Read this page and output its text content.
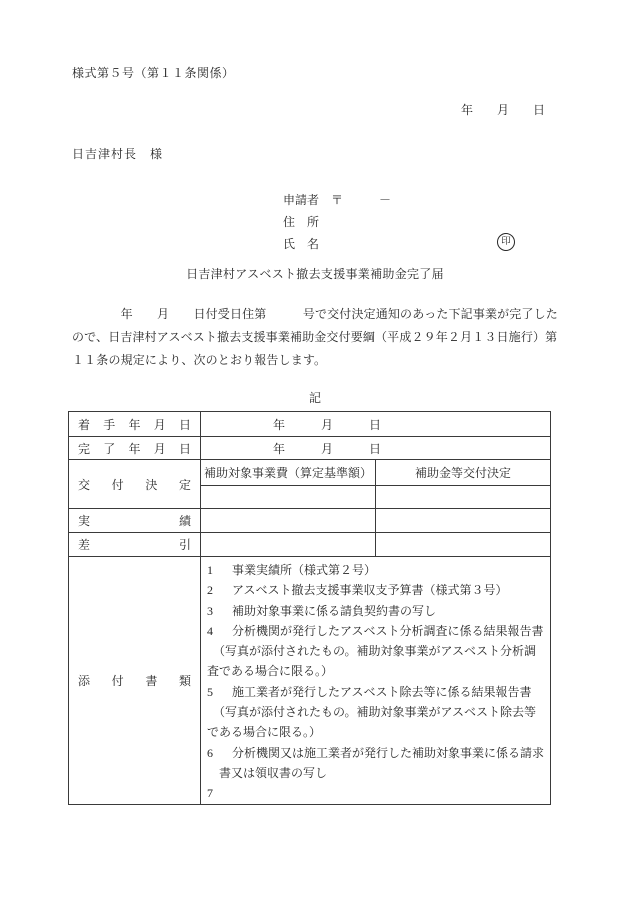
様式第５号（第１１条関係）
年　　月　　日
日吉津村長　様
申請者 〒　　　－
住　所
氏　名	印
日吉津村アスベスト撤去支援事業補助金完了届
　　　　年　　月　　日付受日住第　　　号で交付決定通知のあった下記事業が完了した
ので、日吉津村アスベスト撤去支援事業補助金交付要綱（平成２９年２月１３日施行）第
１１条の規定により、次のとおり報告します。
記
着 手 年 月 日	年　　　月　　　日	

完 了 年 月 日	年　　　月　　　日	

交 付 決 定	補助対象事業費（算定基準額）	補助金等交付決定

実 績		

差 引		

添 付 書 類

1	事業実績所（様式第２号）
2	アスベスト撤去支援事業収支予算書（様式第３号）
3	補助対象事業に係る請負契約書の写し
4	分析機関が発行したアスベスト分析調査に係る結果報告書
（写真が添付されたもの。補助対象事業がアスベスト分析調
査である場合に限る。）
5	施工業者が発行したアスベスト除去等に係る結果報告書
（写真が添付されたもの。補助対象事業がアスベスト除去等
である場合に限る。）
6	分析機関又は施工業者が発行した補助対象事業に係る請求
書又は領収書の写し
7
